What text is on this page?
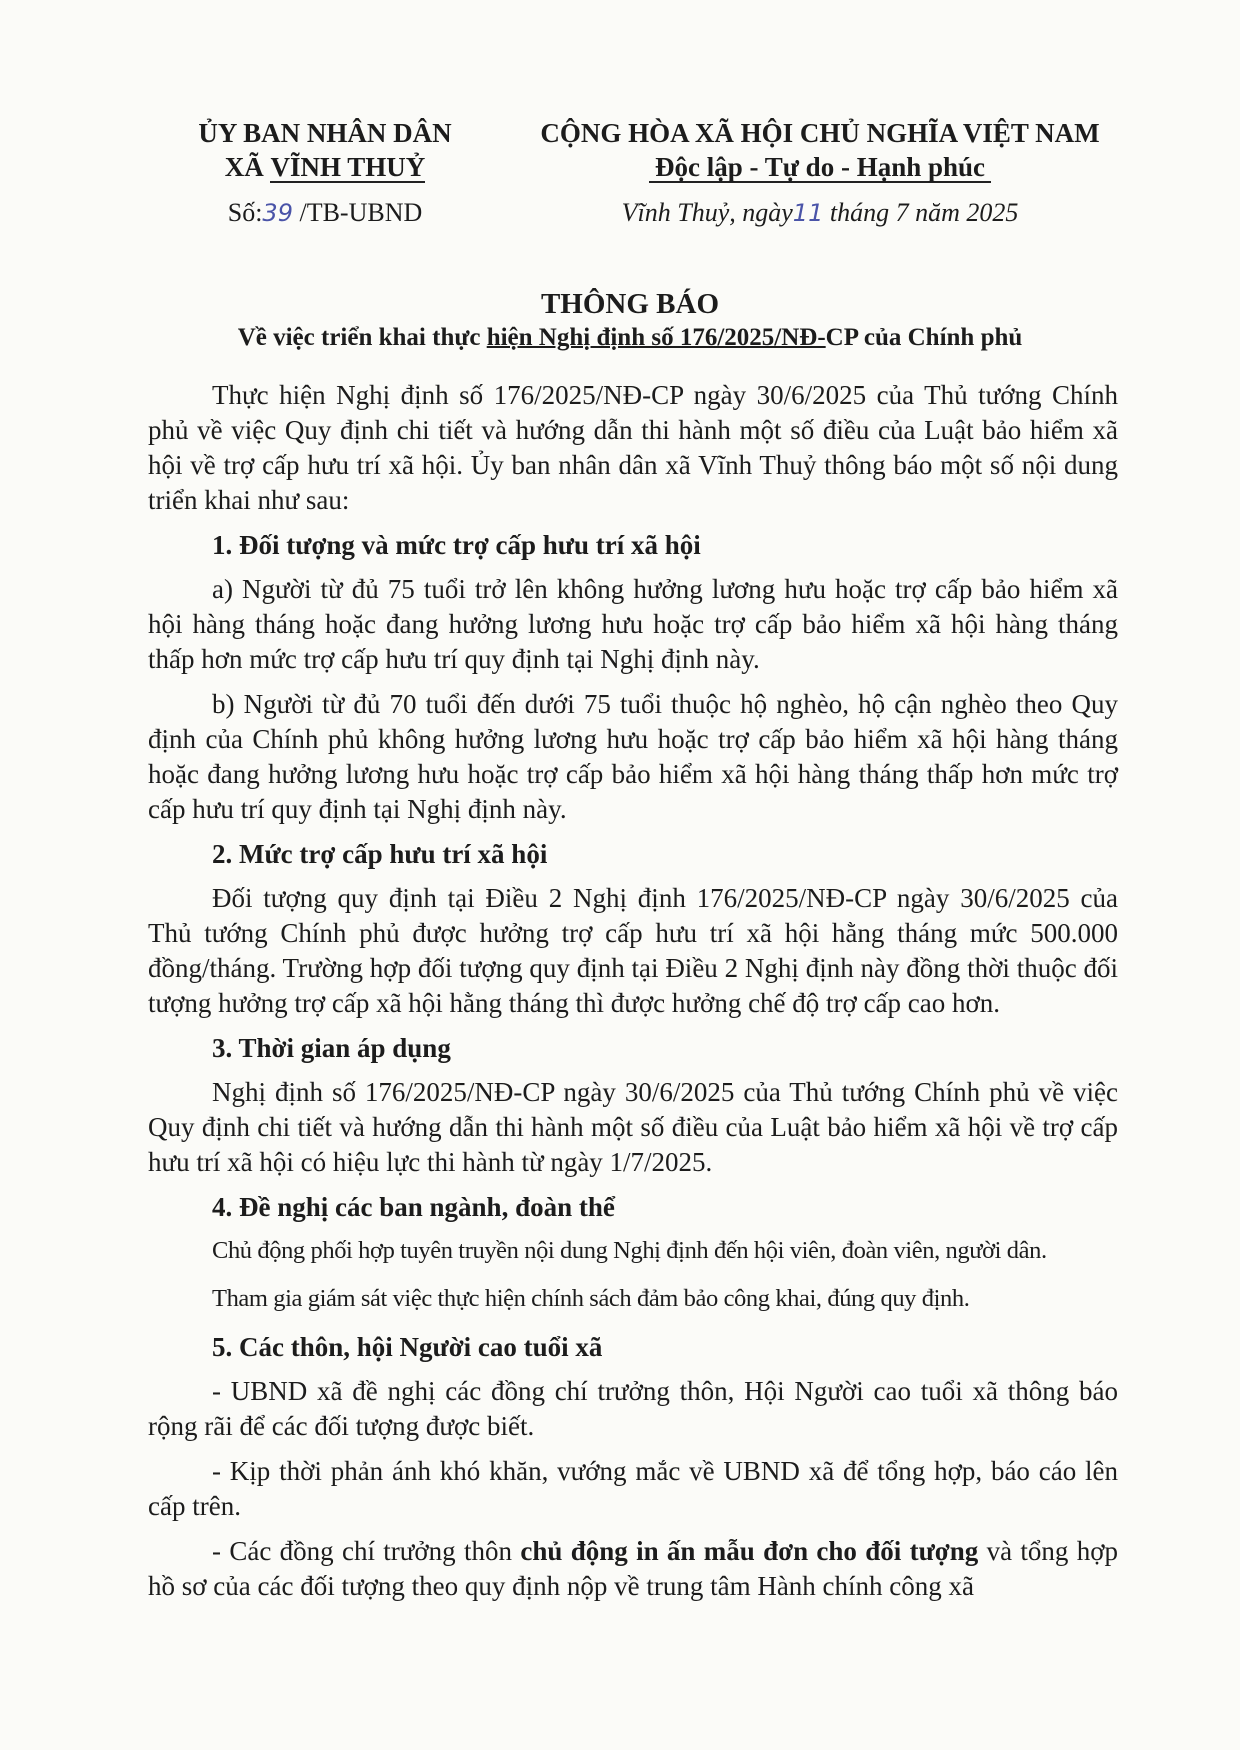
ỦY BAN NHÂN DÂN
XÃ VĨNH THUỶ
Số:39 /TB-UBND
CỘNG HÒA XÃ HỘI CHỦ NGHĨA VIỆT NAM
Độc lập - Tự do - Hạnh phúc
Vĩnh Thuỷ, ngày11 tháng 7 năm 2025
THÔNG BÁO
Về việc triển khai thực hiện Nghị định số 176/2025/NĐ-CP của Chính phủ

Thực hiện Nghị định số 176/2025/NĐ-CP ngày 30/6/2025 của Thủ tướng Chính phủ về việc Quy định chi tiết và hướng dẫn thi hành một số điều của Luật bảo hiểm xã hội về trợ cấp hưu trí xã hội. Ủy ban nhân dân xã Vĩnh Thuỷ thông báo một số nội dung triển khai như sau:

1. Đối tượng và mức trợ cấp hưu trí xã hội

a) Người từ đủ 75 tuổi trở lên không hưởng lương hưu hoặc trợ cấp bảo hiểm xã hội hàng tháng hoặc đang hưởng lương hưu hoặc trợ cấp bảo hiểm xã hội hàng tháng thấp hơn mức trợ cấp hưu trí quy định tại Nghị định này.

b) Người từ đủ 70 tuổi đến dưới 75 tuổi thuộc hộ nghèo, hộ cận nghèo theo Quy định của Chính phủ không hưởng lương hưu hoặc trợ cấp bảo hiểm xã hội hàng tháng hoặc đang hưởng lương hưu hoặc trợ cấp bảo hiểm xã hội hàng tháng thấp hơn mức trợ cấp hưu trí quy định tại Nghị định này.

2. Mức trợ cấp hưu trí xã hội

Đối tượng quy định tại Điều 2 Nghị định 176/2025/NĐ-CP ngày 30/6/2025 của Thủ tướng Chính phủ được hưởng trợ cấp hưu trí xã hội hằng tháng mức 500.000 đồng/tháng. Trường hợp đối tượng quy định tại Điều 2 Nghị định này đồng thời thuộc đối tượng hưởng trợ cấp xã hội hằng tháng thì được hưởng chế độ trợ cấp cao hơn.

3. Thời gian áp dụng

Nghị định số 176/2025/NĐ-CP ngày 30/6/2025 của Thủ tướng Chính phủ về việc Quy định chi tiết và hướng dẫn thi hành một số điều của Luật bảo hiểm xã hội về trợ cấp hưu trí xã hội có hiệu lực thi hành từ ngày 1/7/2025.

4. Đề nghị các ban ngành, đoàn thể

Chủ động phối hợp tuyên truyền nội dung Nghị định đến hội viên, đoàn viên, người dân.

Tham gia giám sát việc thực hiện chính sách đảm bảo công khai, đúng quy định.

5. Các thôn, hội Người cao tuổi xã

- UBND xã đề nghị các đồng chí trưởng thôn, Hội Người cao tuổi xã thông báo rộng rãi để các đối tượng được biết.

- Kịp thời phản ánh khó khăn, vướng mắc về UBND xã để tổng hợp, báo cáo lên cấp trên.

- Các đồng chí trưởng thôn chủ động in ấn mẫu đơn cho đối tượng và tổng hợp hồ sơ của các đối tượng theo quy định nộp về trung tâm Hành chính công xã
